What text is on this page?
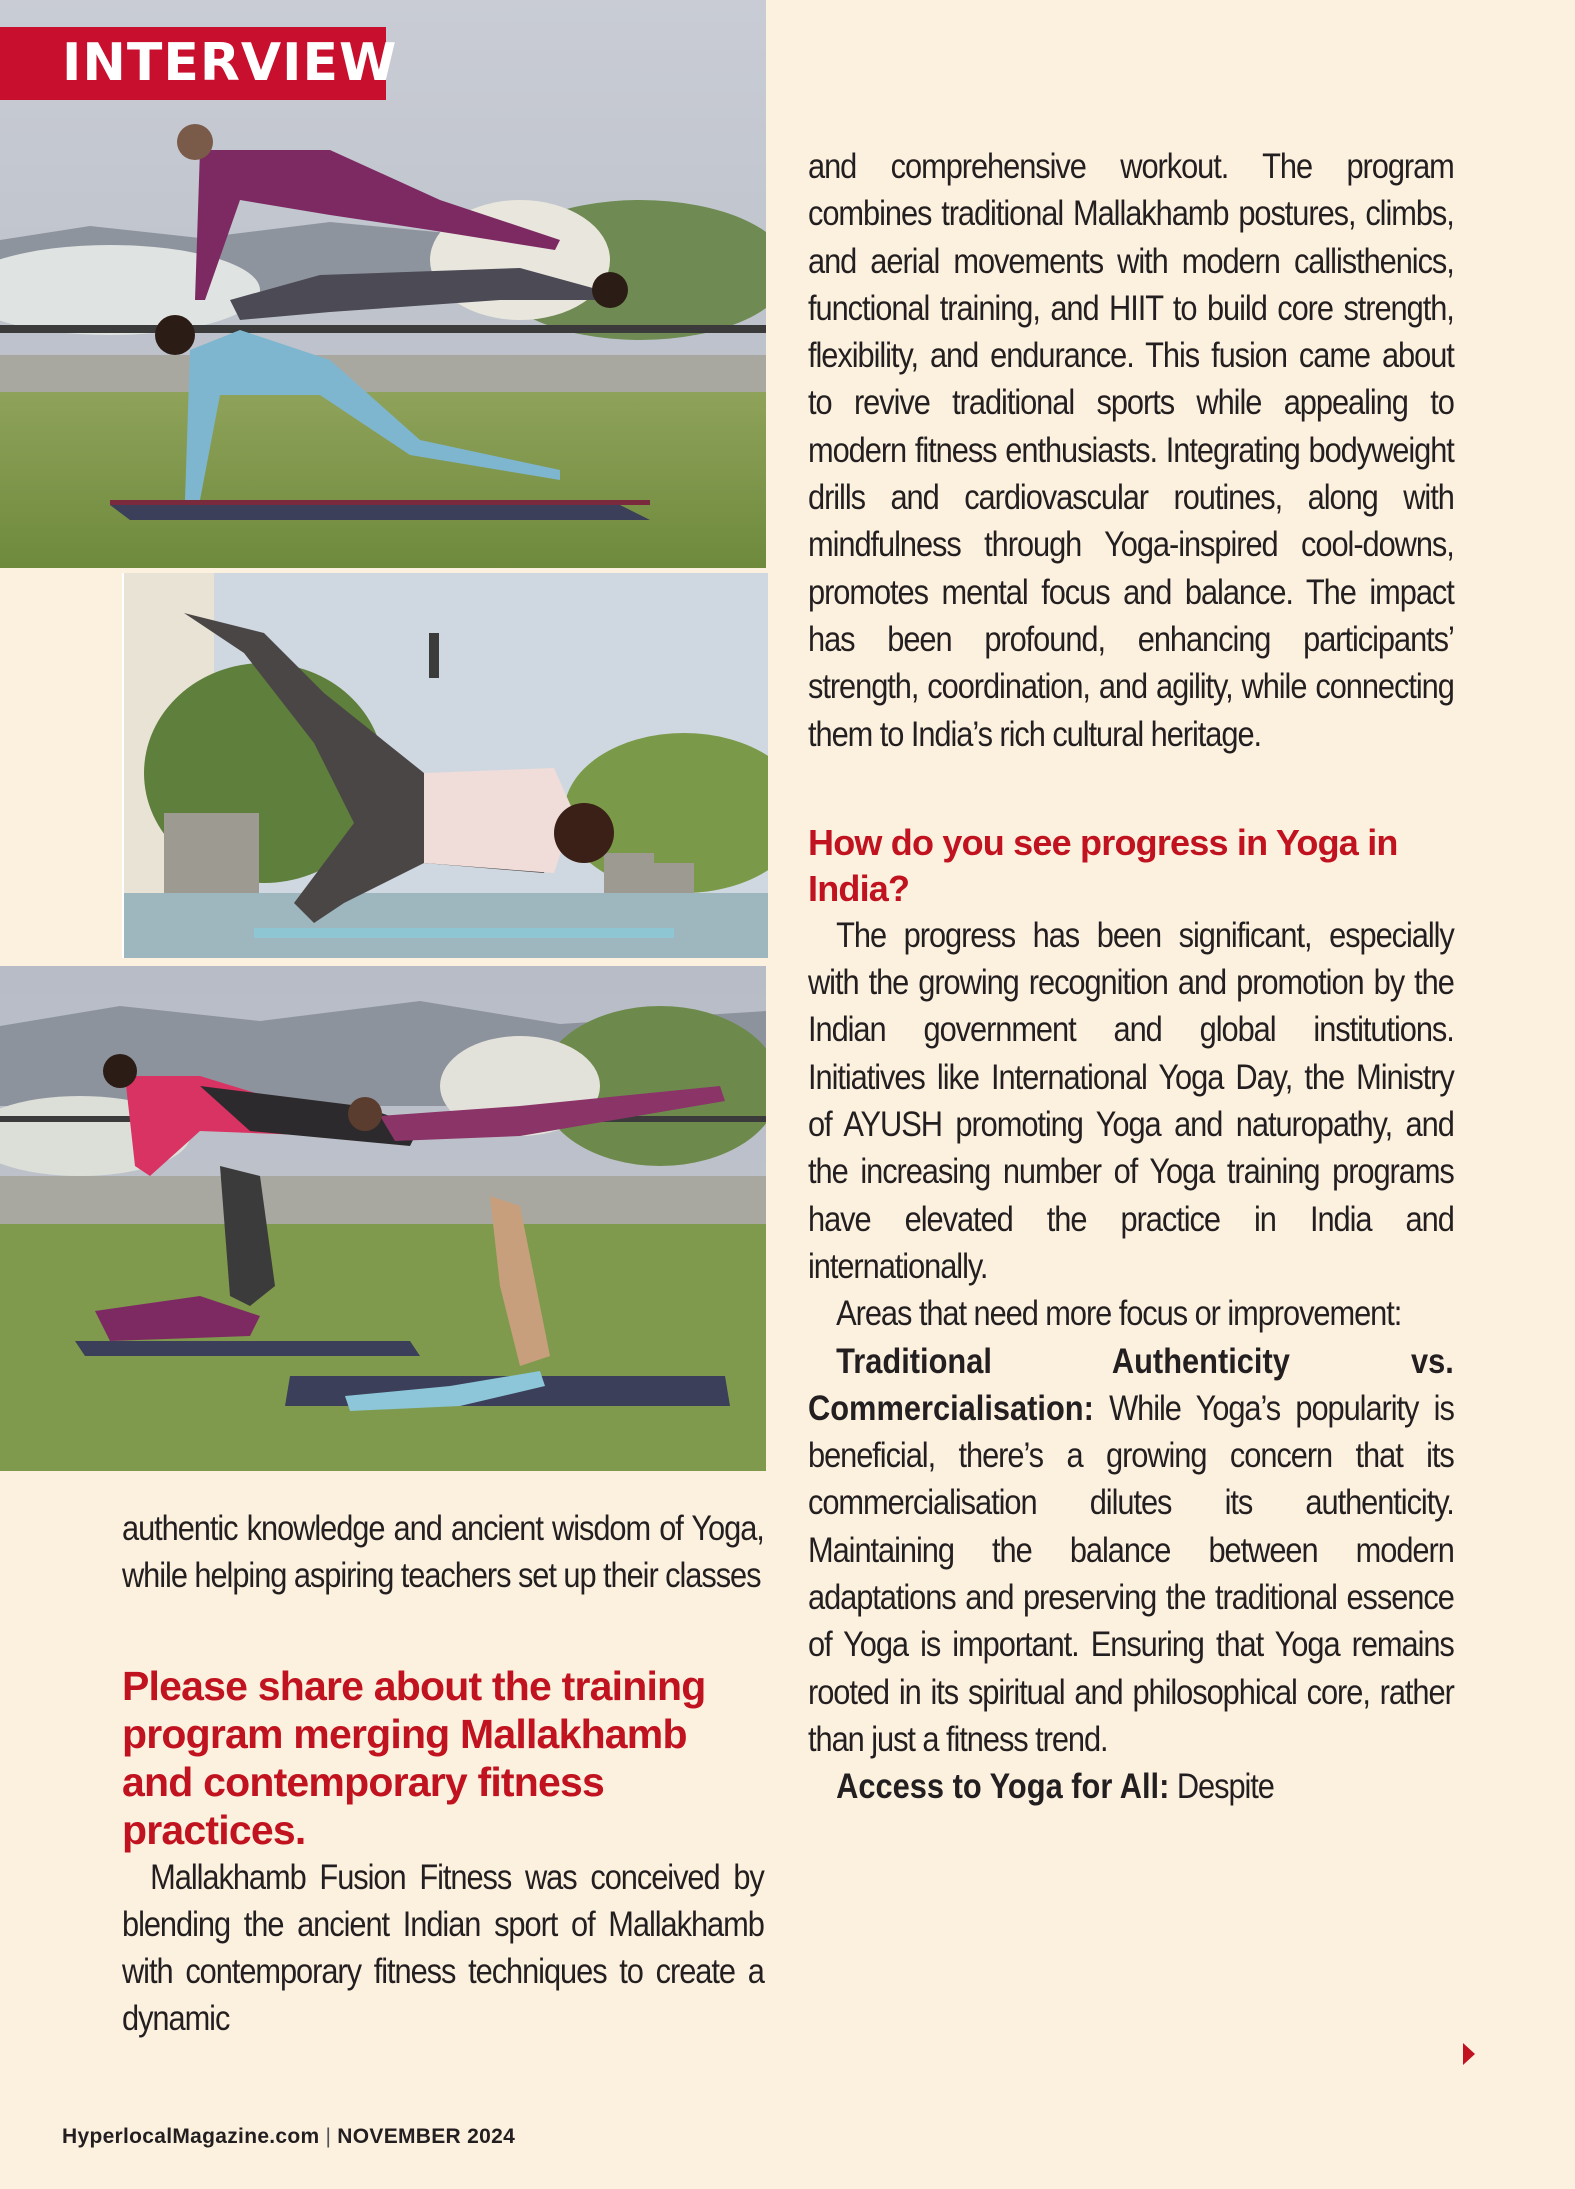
INTERVIEW

authentic knowledge and ancient wisdom of Yoga, while helping aspiring teachers set up their classes

Please share about the training program merging Mallakhamb and contemporary fitness practices.

Mallakhamb Fusion Fitness was conceived by blending the ancient Indian sport of Mallakhamb with contemporary fitness techniques to create a dynamic

and comprehensive workout. The program combines traditional Mallakhamb postures, climbs, and aerial movements with modern callisthenics, functional training, and HIIT to build core strength, flexibility, and endurance. This fusion came about to revive traditional sports while appealing to modern fitness enthusiasts. Integrating bodyweight drills and cardiovascular routines, along with mindfulness through Yoga-inspired cool-downs, promotes mental focus and balance. The impact has been profound, enhancing participants’ strength, coordination, and agility, while connecting them to India’s rich cultural heritage.

How do you see progress in Yoga in India?

The progress has been significant, especially with the growing recognition and promotion by the Indian government and global institutions. Initiatives like International Yoga Day, the Ministry of AYUSH promoting Yoga and naturopathy, and the increasing number of Yoga training programs have elevated the practice in India and internationally.

Areas that need more focus or improvement:

Traditional Authenticity vs. Commercialisation: While Yoga’s popularity is beneficial, there’s a growing concern that its commercialisation dilutes its authenticity. Maintaining the balance between modern adaptations and preserving the traditional essence of Yoga is important. Ensuring that Yoga remains rooted in its spiritual and philosophical core, rather than just a fitness trend.

Access to Yoga for All: Despite

HyperlocalMagazine.com | NOVEMBER 2024
